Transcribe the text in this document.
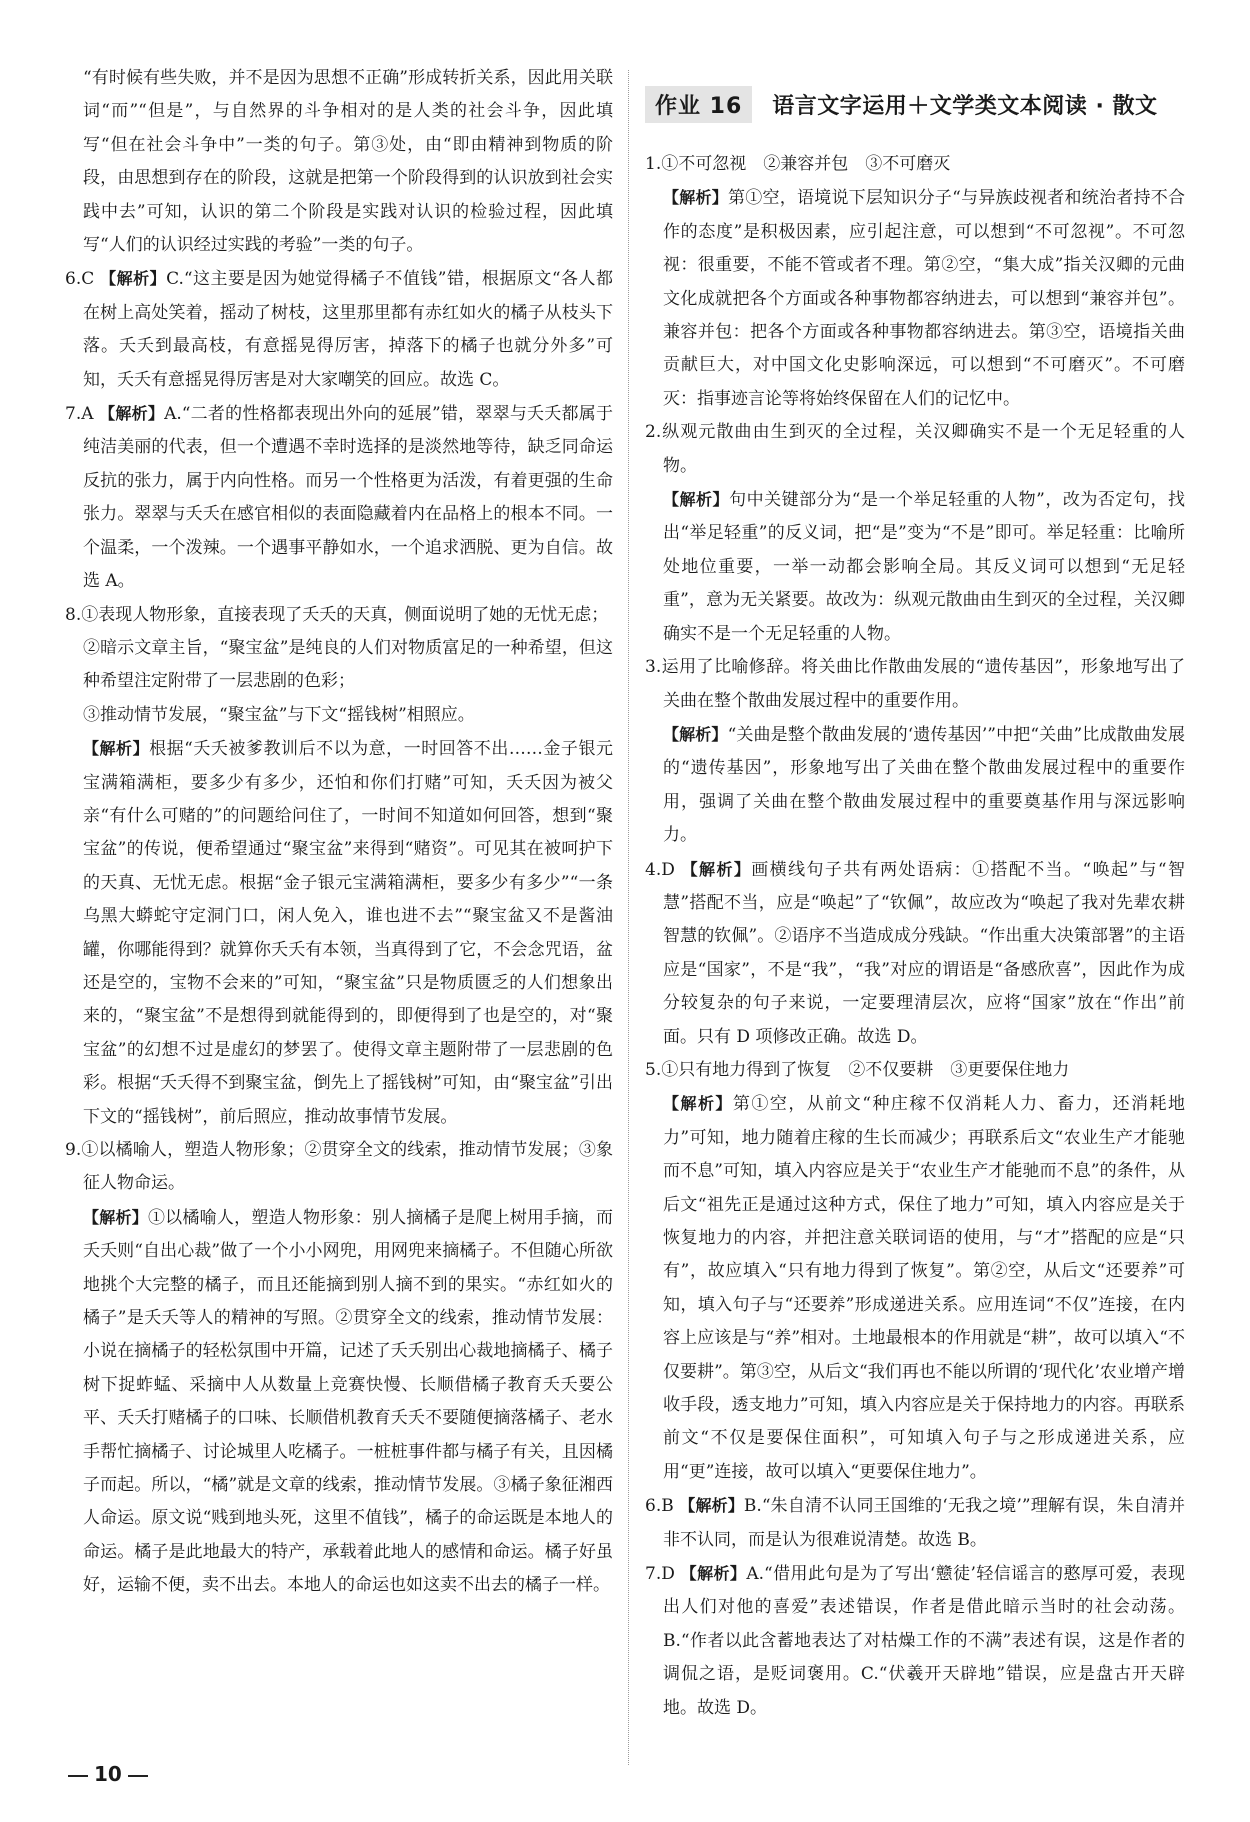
“有时候有些失败，并不是因为思想不正确”形成转折关系，因此用关联词“而”“但是”，与自然界的斗争相对的是人类的社会斗争，因此填写“但在社会斗争中”一类的句子。第③处，由“即由精神到物质的阶段，由思想到存在的阶段，这就是把第一个阶段得到的认识放到社会实践中去”可知，认识的第二个阶段是实践对认识的检验过程，因此填写“人们的认识经过实践的考验”一类的句子。

6.C 【解析】C.“这主要是因为她觉得橘子不值钱”错，根据原文“各人都在树上高处笑着，摇动了树枝，这里那里都有赤红如火的橘子从枝头下落。夭夭到最高枝，有意摇晃得厉害，掉落下的橘子也就分外多”可知，夭夭有意摇晃得厉害是对大家嘲笑的回应。故选 C。

7.A 【解析】A.“二者的性格都表现出外向的延展”错，翠翠与夭夭都属于纯洁美丽的代表，但一个遭遇不幸时选择的是淡然地等待，缺乏同命运反抗的张力，属于内向性格。而另一个性格更为活泼，有着更强的生命张力。翠翠与夭夭在感官相似的表面隐藏着内在品格上的根本不同。一个温柔，一个泼辣。一个遇事平静如水，一个追求洒脱、更为自信。故选 A。

8.①表现人物形象，直接表现了夭夭的天真，侧面说明了她的无忧无虑；

②暗示文章主旨，“聚宝盆”是纯良的人们对物质富足的一种希望，但这种希望注定附带了一层悲剧的色彩；

③推动情节发展，“聚宝盆”与下文“摇钱树”相照应。

【解析】根据“夭夭被爹教训后不以为意，一时回答不出……金子银元宝满箱满柜，要多少有多少，还怕和你们打赌”可知，夭夭因为被父亲“有什么可赌的”的问题给问住了，一时间不知道如何回答，想到“聚宝盆”的传说，便希望通过“聚宝盆”来得到“赌资”。可见其在被呵护下的天真、无忧无虑。根据“金子银元宝满箱满柜，要多少有多少”“一条乌黑大蟒蛇守定洞门口，闲人免入，谁也进不去”“聚宝盆又不是酱油罐，你哪能得到？就算你夭夭有本领，当真得到了它，不会念咒语，盆还是空的，宝物不会来的”可知，“聚宝盆”只是物质匮乏的人们想象出来的，“聚宝盆”不是想得到就能得到的，即便得到了也是空的，对“聚宝盆”的幻想不过是虚幻的梦罢了。使得文章主题附带了一层悲剧的色彩。根据“夭夭得不到聚宝盆，倒先上了摇钱树”可知，由“聚宝盆”引出下文的“摇钱树”，前后照应，推动故事情节发展。

9.①以橘喻人，塑造人物形象；②贯穿全文的线索，推动情节发展；③象征人物命运。

【解析】①以橘喻人，塑造人物形象：别人摘橘子是爬上树用手摘，而夭夭则“自出心裁”做了一个小小网兜，用网兜来摘橘子。不但随心所欲地挑个大完整的橘子，而且还能摘到别人摘不到的果实。“赤红如火的橘子”是夭夭等人的精神的写照。②贯穿全文的线索，推动情节发展：小说在摘橘子的轻松氛围中开篇，记述了夭夭别出心裁地摘橘子、橘子树下捉蚱蜢、采摘中人从数量上竞赛快慢、长顺借橘子教育夭夭要公平、夭夭打赌橘子的口味、长顺借机教育夭夭不要随便摘落橘子、老水手帮忙摘橘子、讨论城里人吃橘子。一桩桩事件都与橘子有关，且因橘子而起。所以，“橘”就是文章的线索，推动情节发展。③橘子象征湘西人命运。原文说“贱到地头死，这里不值钱”，橘子的命运既是本地人的命运。橘子是此地最大的特产，承载着此地人的感情和命运。橘子好虽好，运输不便，卖不出去。本地人的命运也如这卖不出去的橘子一样。

作业 16	语言文字运用＋文学类文本阅读 · 散文

1.①不可忽视　②兼容并包　③不可磨灭

【解析】第①空，语境说下层知识分子“与异族歧视者和统治者持不合作的态度”是积极因素，应引起注意，可以想到“不可忽视”。不可忽视：很重要，不能不管或者不理。第②空，“集大成”指关汉卿的元曲文化成就把各个方面或各种事物都容纳进去，可以想到“兼容并包”。兼容并包：把各个方面或各种事物都容纳进去。第③空，语境指关曲贡献巨大，对中国文化史影响深远，可以想到“不可磨灭”。不可磨灭：指事迹言论等将始终保留在人们的记忆中。

2.纵观元散曲由生到灭的全过程，关汉卿确实不是一个无足轻重的人物。

【解析】句中关键部分为“是一个举足轻重的人物”，改为否定句，找出“举足轻重”的反义词，把“是”变为“不是”即可。举足轻重：比喻所处地位重要，一举一动都会影响全局。其反义词可以想到“无足轻重”，意为无关紧要。故改为：纵观元散曲由生到灭的全过程，关汉卿确实不是一个无足轻重的人物。

3.运用了比喻修辞。将关曲比作散曲发展的“遗传基因”，形象地写出了关曲在整个散曲发展过程中的重要作用。

【解析】“关曲是整个散曲发展的‘遗传基因’”中把“关曲”比成散曲发展的“遗传基因”，形象地写出了关曲在整个散曲发展过程中的重要作用，强调了关曲在整个散曲发展过程中的重要奠基作用与深远影响力。

4.D 【解析】画横线句子共有两处语病：①搭配不当。“唤起”与“智慧”搭配不当，应是“唤起”了“钦佩”，故应改为“唤起了我对先辈农耕智慧的钦佩”。②语序不当造成成分残缺。“作出重大决策部署”的主语应是“国家”，不是“我”，“我”对应的谓语是“备感欣喜”，因此作为成分较复杂的句子来说，一定要理清层次，应将“国家”放在“作出”前面。只有 D 项修改正确。故选 D。

5.①只有地力得到了恢复　②不仅要耕　③更要保住地力

【解析】第①空，从前文“种庄稼不仅消耗人力、畜力，还消耗地力”可知，地力随着庄稼的生长而减少；再联系后文“农业生产才能驰而不息”可知，填入内容应是关于“农业生产才能驰而不息”的条件，从后文“祖先正是通过这种方式，保住了地力”可知，填入内容应是关于恢复地力的内容，并把注意关联词语的使用，与“才”搭配的应是“只有”，故应填入“只有地力得到了恢复”。第②空，从后文“还要养”可知，填入句子与“还要养”形成递进关系。应用连词“不仅”连接，在内容上应该是与“养”相对。土地最根本的作用就是“耕”，故可以填入“不仅要耕”。第③空，从后文“我们再也不能以所谓的‘现代化’农业增产增收手段，透支地力”可知，填入内容应是关于保持地力的内容。再联系前文“不仅是要保住面积”，可知填入句子与之形成递进关系，应用“更”连接，故可以填入“更要保住地力”。

6.B 【解析】B.“朱自清不认同王国维的‘无我之境’”理解有误，朱自清并非不认同，而是认为很难说清楚。故选 B。

7.D 【解析】A.“借用此句是为了写出‘戆徒’轻信谣言的憨厚可爱，表现出人们对他的喜爱”表述错误，作者是借此暗示当时的社会动荡。B.“作者以此含蓄地表达了对枯燥工作的不满”表述有误，这是作者的调侃之语，是贬词褒用。C.“伏羲开天辟地”错误，应是盘古开天辟地。故选 D。

10
